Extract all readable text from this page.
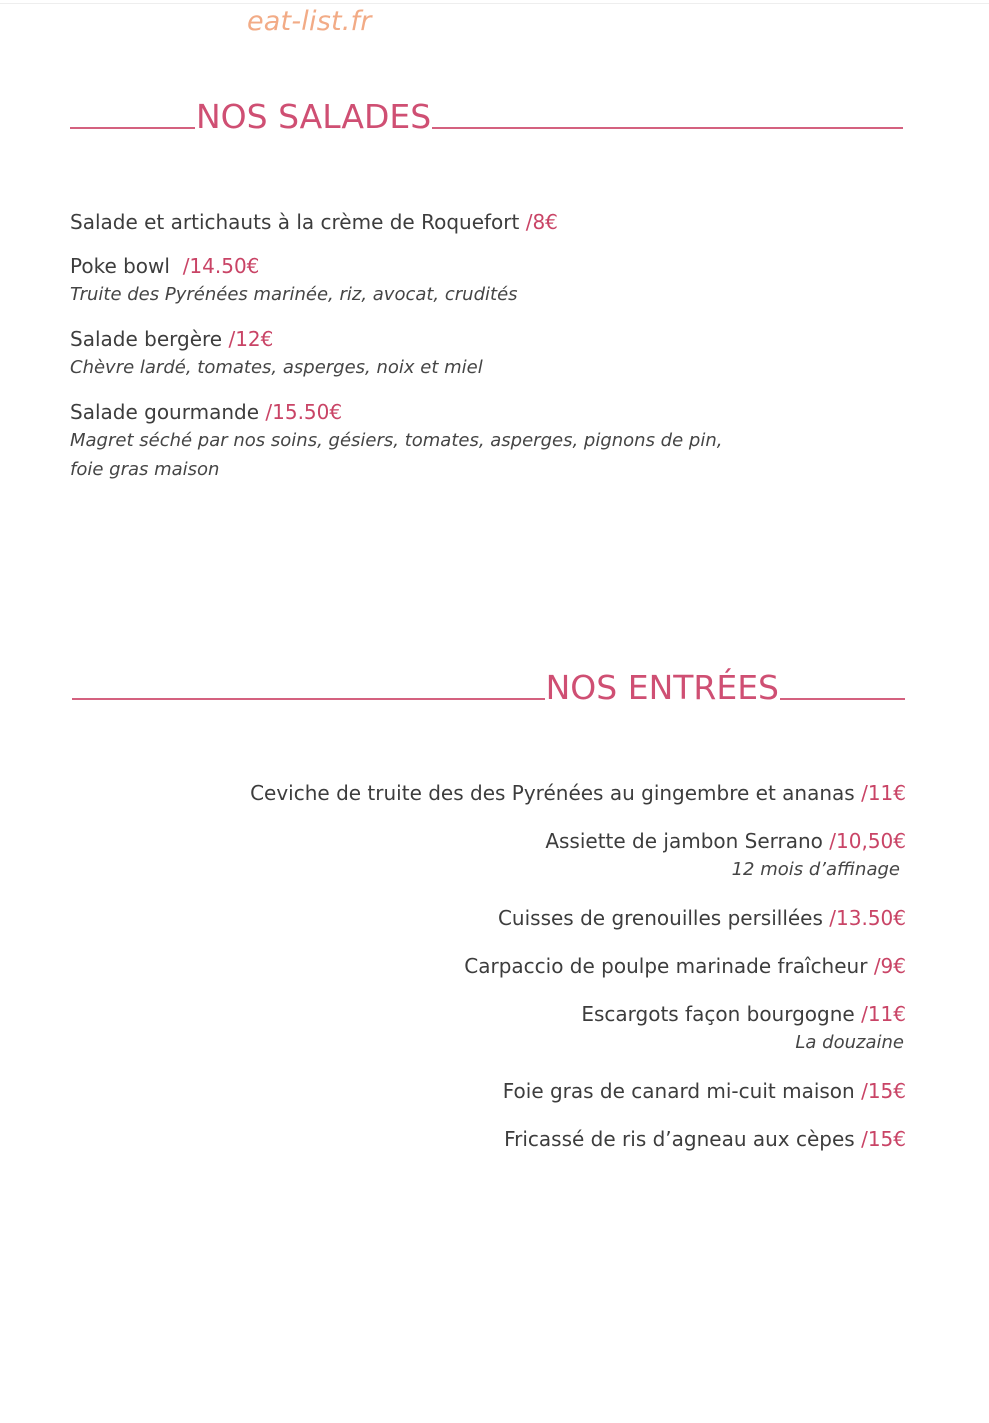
eat-list.fr
NOS SALADES
Salade et artichauts à la crème de Roquefort /8€
Poke bowl /14.50€
Truite des Pyrénées marinée, riz, avocat, crudités
Salade bergère /12€
Chèvre lardé, tomates, asperges, noix et miel
Salade gourmande /15.50€
Magret séché par nos soins, gésiers, tomates, asperges, pignons de pin, foie gras maison
NOS ENTRÉES
Ceviche de truite des des Pyrénées au gingembre et ananas /11€
Assiette de jambon Serrano /10,50€
12 mois d’affinage
Cuisses de grenouilles persillées /13.50€
Carpaccio de poulpe marinade fraîcheur /9€
Escargots façon bourgogne /11€
La douzaine
Foie gras de canard mi-cuit maison /15€
Fricassé de ris d’agneau aux cèpes /15€
